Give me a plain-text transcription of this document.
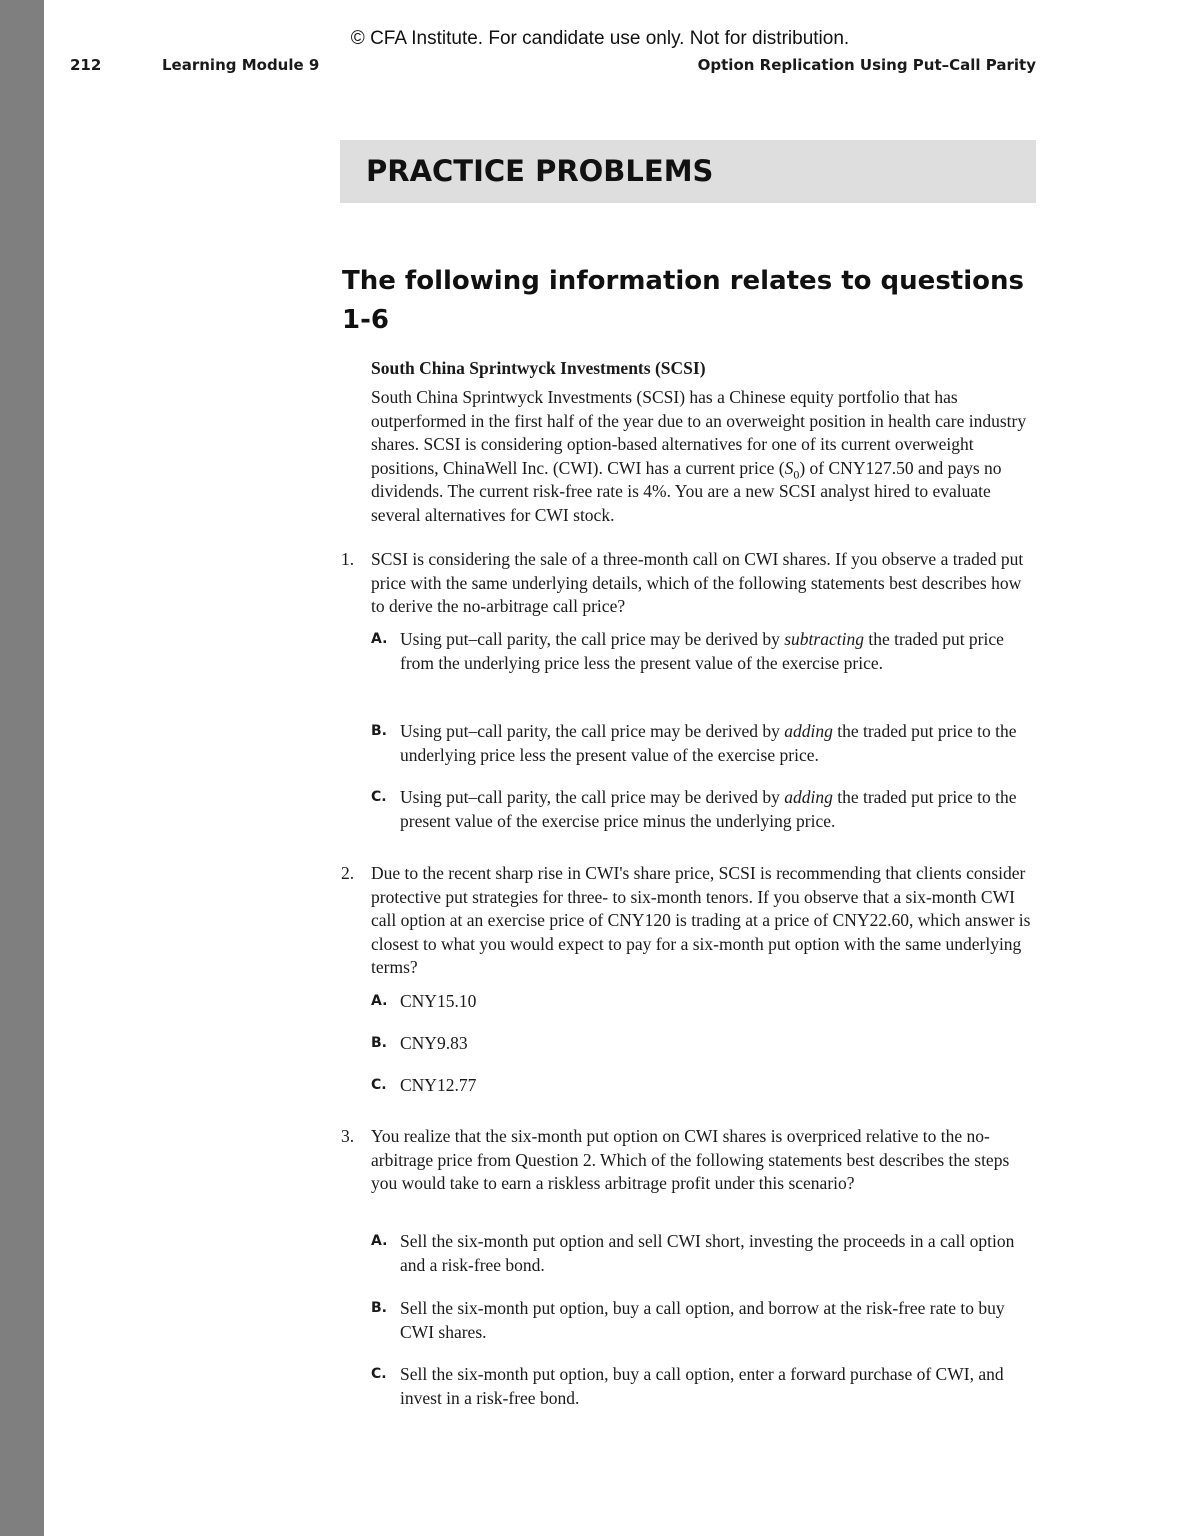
© CFA Institute. For candidate use only. Not for distribution.
212	Learning Module 9	Option Replication Using Put–Call Parity
PRACTICE PROBLEMS
The following information relates to questions 1-6
South China Sprintwyck Investments (SCSI)

South China Sprintwyck Investments (SCSI) has a Chinese equity portfolio that has outperformed in the first half of the year due to an overweight position in health care industry shares. SCSI is considering option-based alternatives for one of its current overweight positions, ChinaWell Inc. (CWI). CWI has a current price $(S_0)$ of CNY127.50 and pays no dividends. The current risk-free rate is 4%. You are a new SCSI analyst hired to evaluate several alternatives for CWI stock.

1. SCSI is considering the sale of a three-month call on CWI shares. If you observe a traded put price with the same underlying details, which of the following statements best describes how to derive the no-arbitrage call price?

A. Using put–call parity, the call price may be derived by subtracting the traded put price from the underlying price less the present value of the exercise price.

B. Using put–call parity, the call price may be derived by adding the traded put price to the underlying price less the present value of the exercise price.

C. Using put–call parity, the call price may be derived by adding the traded put price to the present value of the exercise price minus the underlying price.

2. Due to the recent sharp rise in CWI's share price, SCSI is recommending that clients consider protective put strategies for three- to six-month tenors. If you observe that a six-month CWI call option at an exercise price of CNY120 is trading at a price of CNY22.60, which answer is closest to what you would expect to pay for a six-month put option with the same underlying terms?

A. CNY15.10

B. CNY9.83

C. CNY12.77

3. You realize that the six-month put option on CWI shares is overpriced relative to the no-arbitrage price from Question 2. Which of the following statements best describes the steps you would take to earn a riskless arbitrage profit under this scenario?

A. Sell the six-month put option and sell CWI short, investing the proceeds in a call option and a risk-free bond.

B. Sell the six-month put option, buy a call option, and borrow at the risk-free rate to buy CWI shares.

C. Sell the six-month put option, buy a call option, enter a forward purchase of CWI, and invest in a risk-free bond.
